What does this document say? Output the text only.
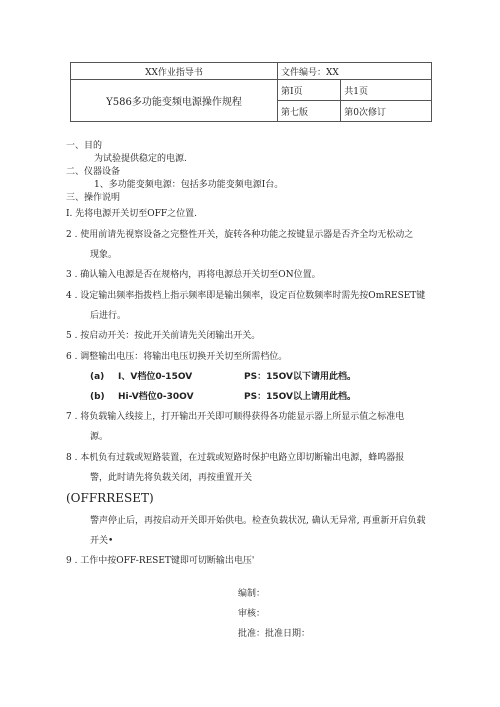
XX作业指导书	文件编号：XX	
Y586多功能变频电源操作规程	第I页	共1页
	第七版	第0次修订
一、目的
为试验提供稳定的电源.
二、仪器设备
1、多功能变频电源：包括多功能变频电源I台。
三、操作说明
I. 先将电源开关切至OFF之位置.
2 . 使用前请先视察设备之完整性开关，旋转各种功能之按键显示器是否齐全均无松动之
现象。
3 . 确认输入电源是否在规格内，再将电源总开关切至ON位置。
4 . 设定输出频率指拨档上指示频率即是输出频率，设定百位数频率时需先按OmRESET键
后进行。
5 . 按启动开关：按此开关前请先关闭输出开关。
6 . 调整输出电压：将输出电压切换开关切至所需档位。
(a) I、V档位0-15OV	PS：15OV以下请用此档。
(b) Hi-V档位0-30OV	PS：15OV以上请用此档。
7 . 将负载输入线接上，打开输出开关即可顺得获得各功能显示器上所显示值之标准电
源。
8 . 本机负有过载或短路装置，在过载或短路时保护电路立即切断输出电源，蜂鸣器报
警，此时请先将负载关闭，再按重置开关
(OFFRRESET)
警声停止后，再按启动开关即开始供电。检查负载状况, 确认无异常, 再重新开启负载
开关•
9 . 工作中按OFF-RESET键即可切断输出电压'
编制：
审核：
批准：批准日期：
